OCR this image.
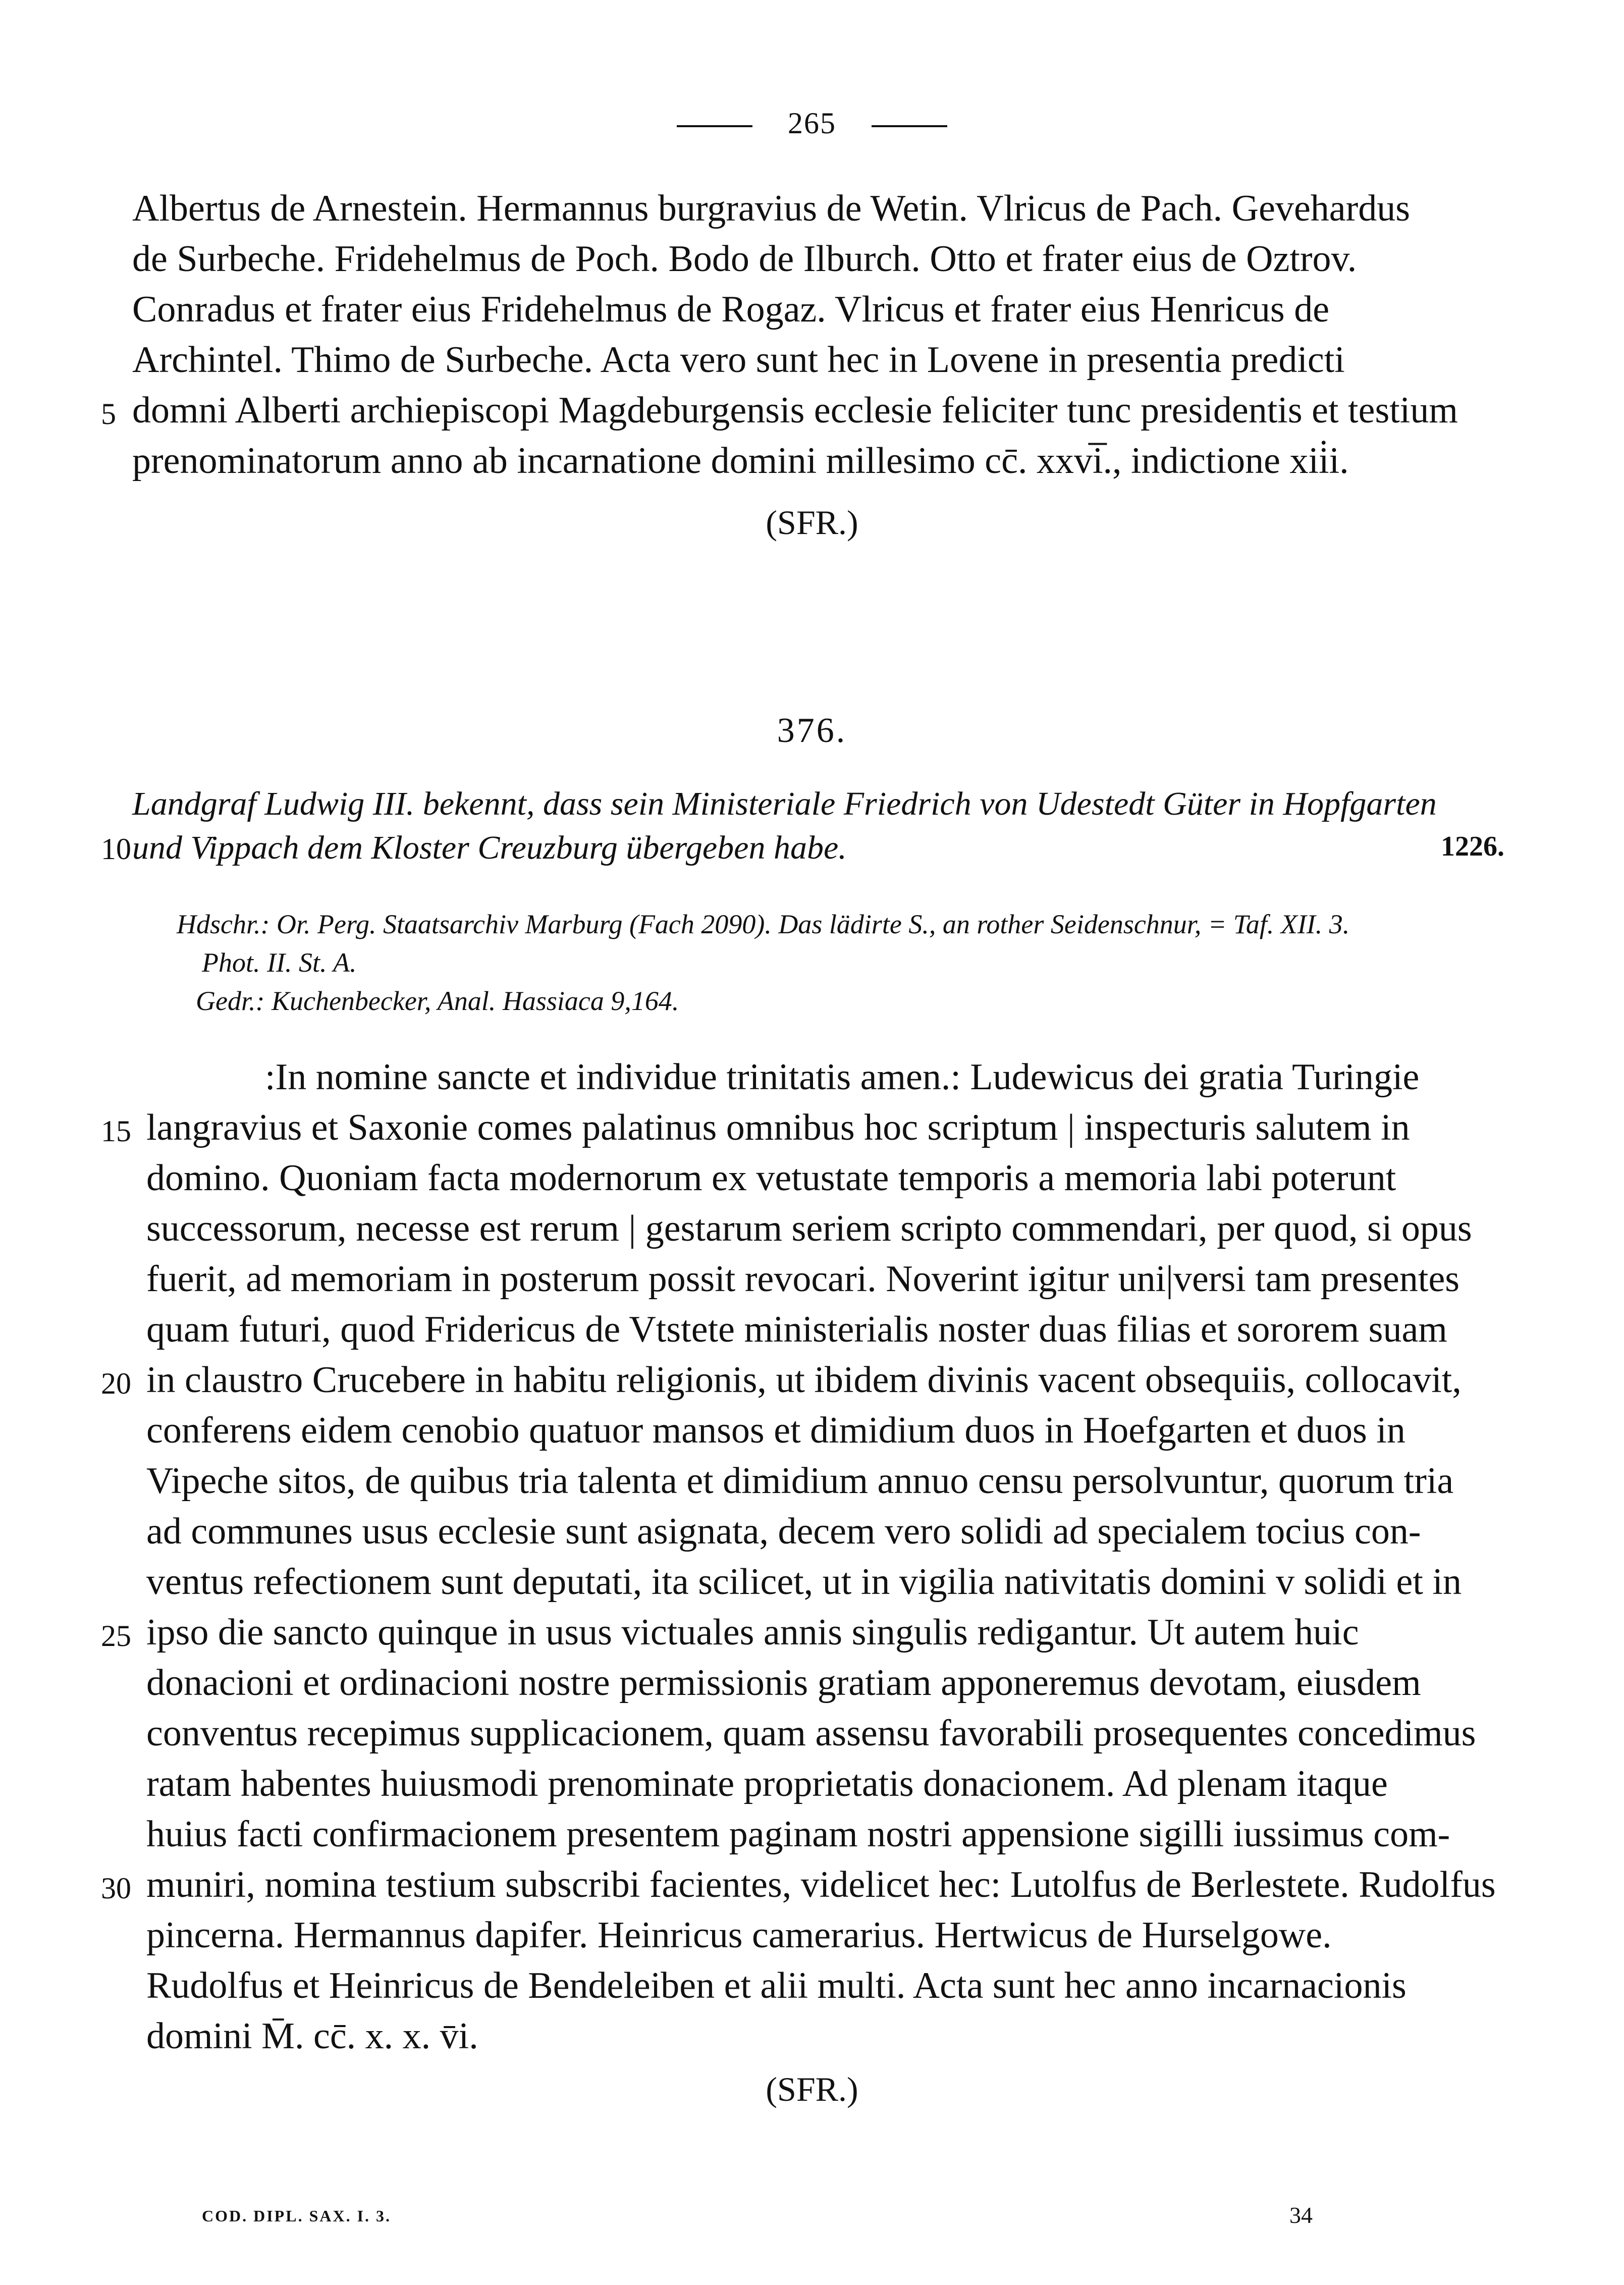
265
Albertus de Arnestein. Hermannus burgravius de Wetin. Vlricus de Pach. Gevehardus
de Surbeche. Fridehelmus de Poch. Bodo de Ilburch. Otto et frater eius de Oztrov.
Conradus et frater eius Fridehelmus de Rogaz. Vlricus et frater eius Henricus de
Archintel. Thimo de Surbeche. Acta vero sunt hec in Lovene in presentia predicti
5 domni Alberti archiepiscopi Magdeburgensis ecclesie feliciter tunc presidentis et testium
prenominatorum anno ab incarnatione domini millesimo cc̄. xxvi̅., indictione xii̇i.
(SFR.)
376.
Landgraf Ludwig III. bekennt, dass sein Ministeriale Friedrich von Udestedt Güter in Hopfgarten
10 und Vippach dem Kloster Creuzburg übergeben habe.	1226.
Hdschr.: Or. Perg. Staatsarchiv Marburg (Fach 2090). Das lädirte S., an rother Seidenschnur, = Taf. XII. 3.
Phot. II. St. A.
Gedr.: Kuchenbecker, Anal. Hassiaca 9,164.
:In nomine sancte et individue trinitatis amen.: Ludewicus dei gratia Turingie
15 langravius et Saxonie comes palatinus omnibus hoc scriptum | inspecturis salutem in
domino. Quoniam facta modernorum ex vetustate temporis a memoria labi poterunt
successorum, necesse est rerum | gestarum seriem scripto commendari, per quod, si opus
fuerit, ad memoriam in posterum possit revocari. Noverint igitur uni|versi tam presentes
quam futuri, quod Fridericus de Vtstete ministerialis noster duas filias et sororem suam
20 in claustro Crucebere in habitu religionis, ut ibidem divinis vacent obsequiis, collocavit,
conferens eidem cenobio quatuor mansos et dimidium duos in Hoefgarten et duos in
Vipeche sitos, de quibus tria talenta et dimidium annuo censu persolvuntur, quorum tria
ad communes usus ecclesie sunt asignata, decem vero solidi ad specialem tocius con-
ventus refectionem sunt deputati, ita scilicet, ut in vigilia nativitatis domini v solidi et in
25 ipso die sancto quinque in usus victuales annis singulis redigantur. Ut autem huic
donacioni et ordinacioni nostre permissionis gratiam apponeremus devotam, eiusdem
conventus recepimus supplicacionem, quam assensu favorabili prosequentes concedimus
ratam habentes huiusmodi prenominate proprietatis donacionem. Ad plenam itaque
huius facti confirmacionem presentem paginam nostri appensione sigilli iussimus com-
30 muniri, nomina testium subscribi facientes, videlicet hec: Lutolfus de Berlestete. Rudolfus
pincerna. Hermannus dapifer. Heinricus camerarius. Hertwicus de Hurselgowe.
Rudolfus et Heinricus de Bendeleiben et alii multi. Acta sunt hec anno incarnacionis
domini M̄. cc̄. x. x. v̄i.
(SFR.)
COD. DIPL. SAX. I. 3.	34
